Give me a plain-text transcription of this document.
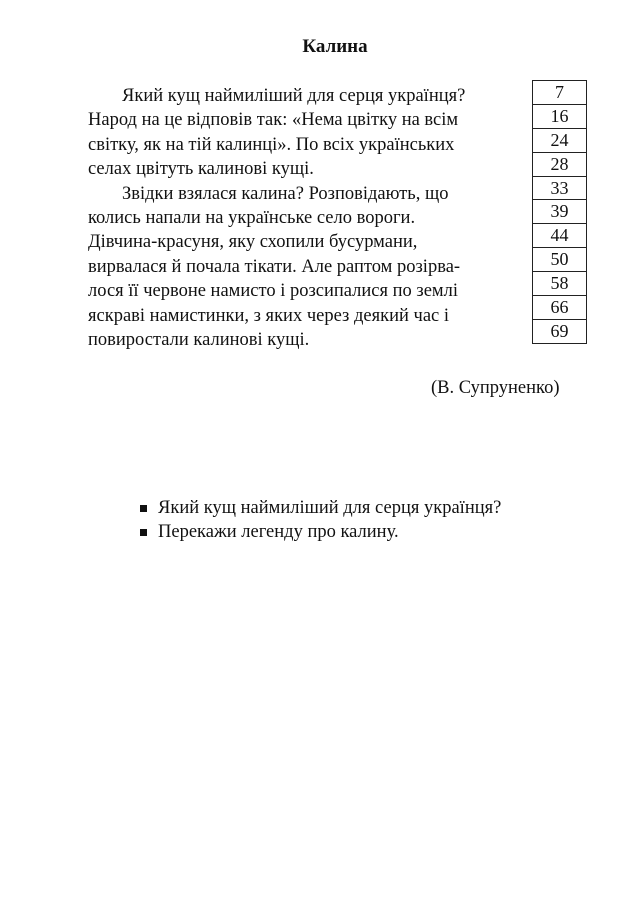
Калина
Який кущ наймиліший для серця українця?
Народ на це відповів так: «Нема цвітку на всім
світку, як на тій калинці». По всіх українських
селах цвітуть калинові кущі.
Звідки взялася калина? Розповідають, що
колись напали на українське село вороги.
Дівчина-красуня, яку схопили бусурмани,
вирвалася й почала тікати. Але раптом розірва-
лося її червоне намисто і розсипалися по землі
яскраві намистинки, з яких через деякий час і
повиростали калинові кущі.
7
16
24
28
33
39
44
50
58
66
69
(В. Супруненко)
Який кущ наймиліший для серця українця?
Перекажи легенду про калину.
